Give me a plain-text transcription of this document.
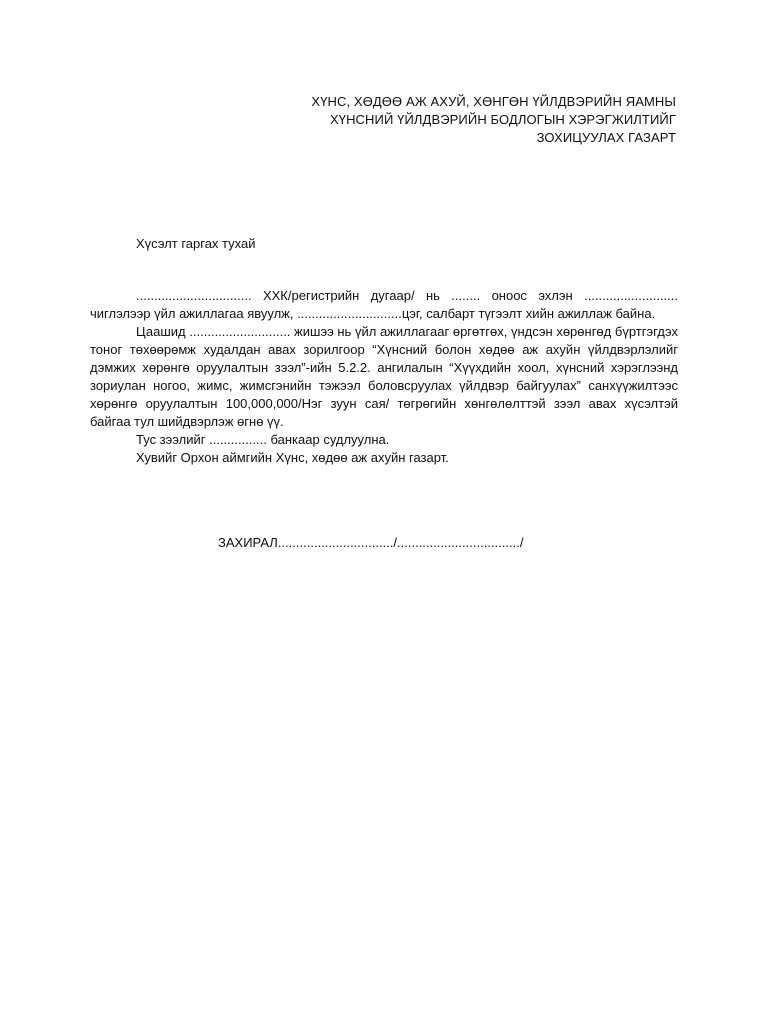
ХҮНС, ХӨДӨӨ АЖ АХУЙ, ХӨНГӨН ҮЙЛДВЭРИЙН ЯАМНЫ
ХҮНСНИЙ ҮЙЛДВЭРИЙН БОДЛОГЫН ХЭРЭГЖИЛТИЙГ
ЗОХИЦУУЛАХ ГАЗАРТ
Хүсэлт гаргах тухай

................................ ХХК/регистрийн дугаар/ нь ........ оноос эхлэн .......................... чиглэлээр үйл ажиллагаа явуулж, .............................цэг, салбарт түгээлт хийн ажиллаж байна.

Цаашид ............................ жишээ нь үйл ажиллагааг өргөтгөх, үндсэн хөрөнгөд бүртгэгдэх тоног төхөөрөмж худалдан авах зорилгоор “Хүнсний болон хөдөө аж ахуйн үйлдвэрлэлийг дэмжих хөрөнгө оруулалтын зээл”-ийн 5.2.2. ангилалын “Хүүхдийн хоол, хүнсний хэрэглээнд зориулан ногоо, жимс, жимсгэнийн тэжээл боловсруулах үйлдвэр байгуулах” санхүүжилтээс хөрөнгө оруулалтын 100,000,000/Нэг зуун сая/ төгрөгийн хөнгөлөлттэй зээл авах хүсэлтэй байгаа тул шийдвэрлэж өгнө үү.

Тус зээлийг ................ банкаар судлуулна.

Хувийг Орхон аймгийн Хүнс, хөдөө аж ахуйн газарт.

ЗАХИРАЛ................................/................................../
